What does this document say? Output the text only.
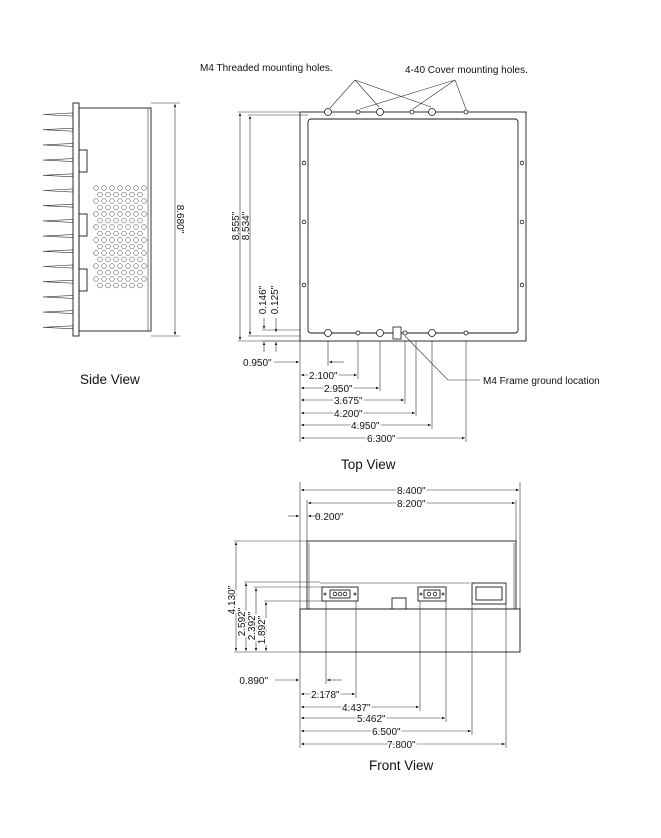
8.680"
Side View
M4 Threaded mounting holes.	4-40 Cover mounting holes.
M4 Frame ground location
8.555" 8.534"
0.146" 0.125"
0.950"
2.100"
2.950"
3.675"
4.200"
4.950"
6.300"
Top View
8.400"
8.200"
0.200"
4.130"
2.592" 2.392" 1.892"
0.890"
2.178"
4.437"
5.462"
6.500"
7.800"
Front View
